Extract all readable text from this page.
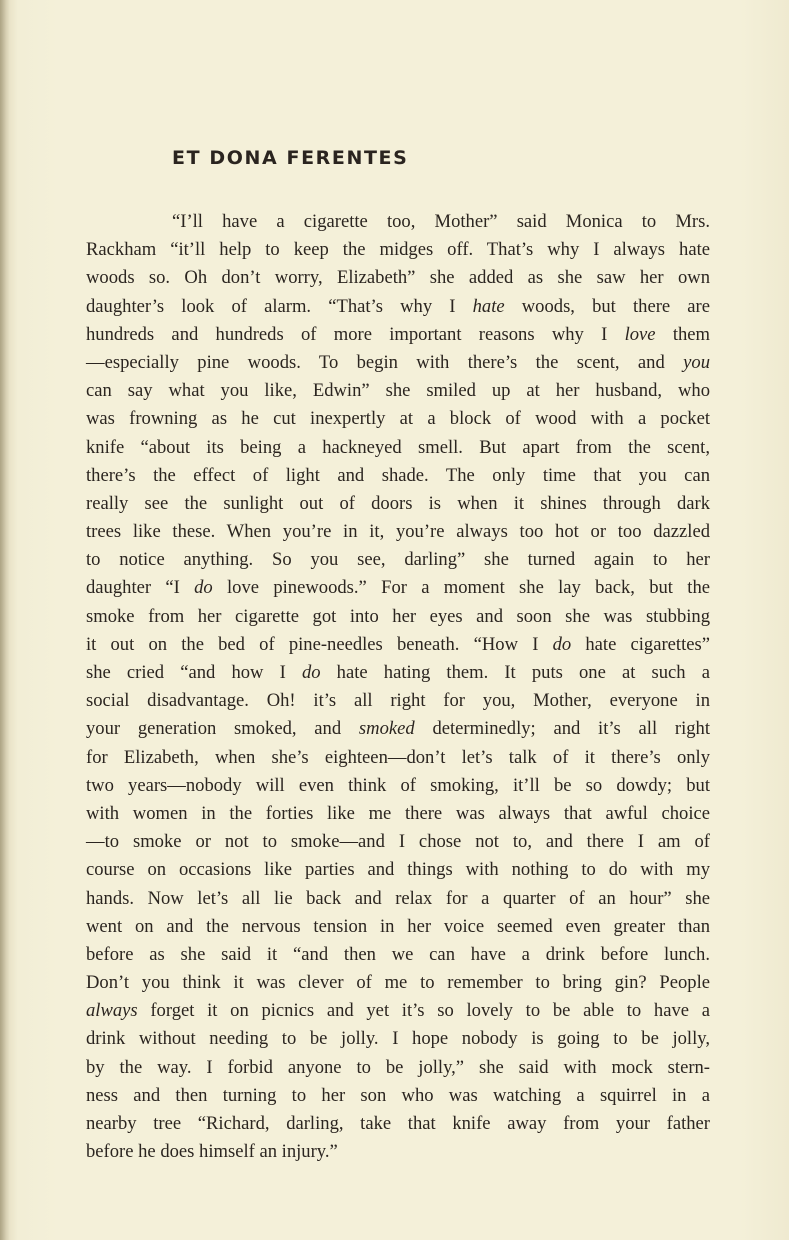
ET DONA FERENTES
“I’ll have a cigarette too, Mother” said Monica to Mrs.
Rackham “it’ll help to keep the midges off. That’s why I always hate
woods so. Oh don’t worry, Elizabeth” she added as she saw her own
daughter’s look of alarm. “That’s why I hate woods, but there are
hundreds and hundreds of more important reasons why I love them
—especially pine woods. To begin with there’s the scent, and you
can say what you like, Edwin” she smiled up at her husband, who
was frowning as he cut inexpertly at a block of wood with a pocket
knife “about its being a hackneyed smell. But apart from the scent,
there’s the effect of light and shade. The only time that you can
really see the sunlight out of doors is when it shines through dark
trees like these. When you’re in it, you’re always too hot or too dazzled
to notice anything. So you see, darling” she turned again to her
daughter “I do love pinewoods.” For a moment she lay back, but the
smoke from her cigarette got into her eyes and soon she was stubbing
it out on the bed of pine-needles beneath. “How I do hate cigarettes”
she cried “and how I do hate hating them. It puts one at such a
social disadvantage. Oh! it’s all right for you, Mother, everyone in
your generation smoked, and smoked determinedly; and it’s all right
for Elizabeth, when she’s eighteen—don’t let’s talk of it there’s only
two years—nobody will even think of smoking, it’ll be so dowdy; but
with women in the forties like me there was always that awful choice
—to smoke or not to smoke—and I chose not to, and there I am of
course on occasions like parties and things with nothing to do with my
hands. Now let’s all lie back and relax for a quarter of an hour” she
went on and the nervous tension in her voice seemed even greater than
before as she said it “and then we can have a drink before lunch.
Don’t you think it was clever of me to remember to bring gin? People
always forget it on picnics and yet it’s so lovely to be able to have a
drink without needing to be jolly. I hope nobody is going to be jolly,
by the way. I forbid anyone to be jolly,” she said with mock stern-
ness and then turning to her son who was watching a squirrel in a
nearby tree “Richard, darling, take that knife away from your father
before he does himself an injury.”
